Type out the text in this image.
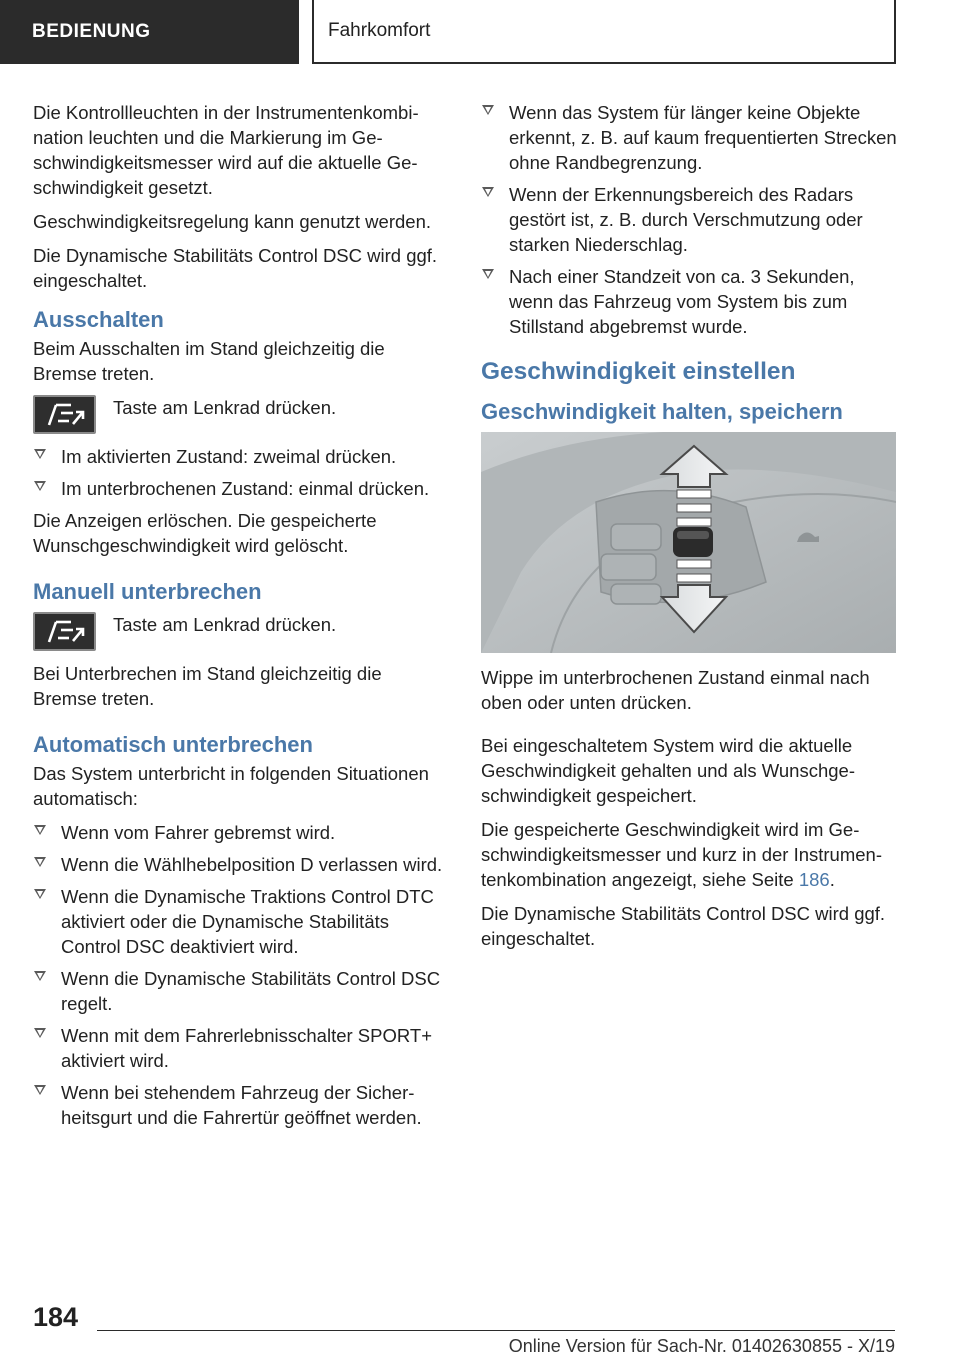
BEDIENUNG	Fahrkomfort

Die Kontrollleuchten in der Instrumentenkombination leuchten und die Markierung im Geschwindigkeitsmesser wird auf die aktuelle Geschwindigkeit gesetzt.

Geschwindigkeitsregelung kann genutzt werden.

Die Dynamische Stabilitäts Control DSC wird ggf. eingeschaltet.

Ausschalten

Beim Ausschalten im Stand gleichzeitig die Bremse treten.

Taste am Lenkrad drücken.

Im aktivierten Zustand: zweimal drücken.
Im unterbrochenen Zustand: einmal drücken.

Die Anzeigen erlöschen. Die gespeicherte Wunschgeschwindigkeit wird gelöscht.

Manuell unterbrechen

Taste am Lenkrad drücken.

Bei Unterbrechen im Stand gleichzeitig die Bremse treten.

Automatisch unterbrechen

Das System unterbricht in folgenden Situationen automatisch:

Wenn vom Fahrer gebremst wird.
Wenn die Wählhebelposition D verlassen wird.
Wenn die Dynamische Traktions Control DTC aktiviert oder die Dynamische Stabilitäts Control DSC deaktiviert wird.
Wenn die Dynamische Stabilitäts Control DSC regelt.
Wenn mit dem Fahrerlebnisschalter SPORT+ aktiviert wird.
Wenn bei stehendem Fahrzeug der Sicherheitsgurt und die Fahrertür geöffnet werden.
Wenn das System für länger keine Objekte erkennt, z. B. auf kaum frequentierten Strecken ohne Randbegrenzung.
Wenn der Erkennungsbereich des Radars gestört ist, z. B. durch Verschmutzung oder starken Niederschlag.
Nach einer Standzeit von ca. 3 Sekunden, wenn das Fahrzeug vom System bis zum Stillstand abgebremst wurde.
Geschwindigkeit einstellen
Geschwindigkeit halten, speichern

Wippe im unterbrochenen Zustand einmal nach oben oder unten drücken.

Bei eingeschaltetem System wird die aktuelle Geschwindigkeit gehalten und als Wunschgeschwindigkeit gespeichert.

Die gespeicherte Geschwindigkeit wird im Geschwindigkeitsmesser und kurz in der Instrumentenkombination angezeigt, siehe Seite 186.

Die Dynamische Stabilitäts Control DSC wird ggf. eingeschaltet.

184
Online Version für Sach-Nr. 01402630855 - X/19
